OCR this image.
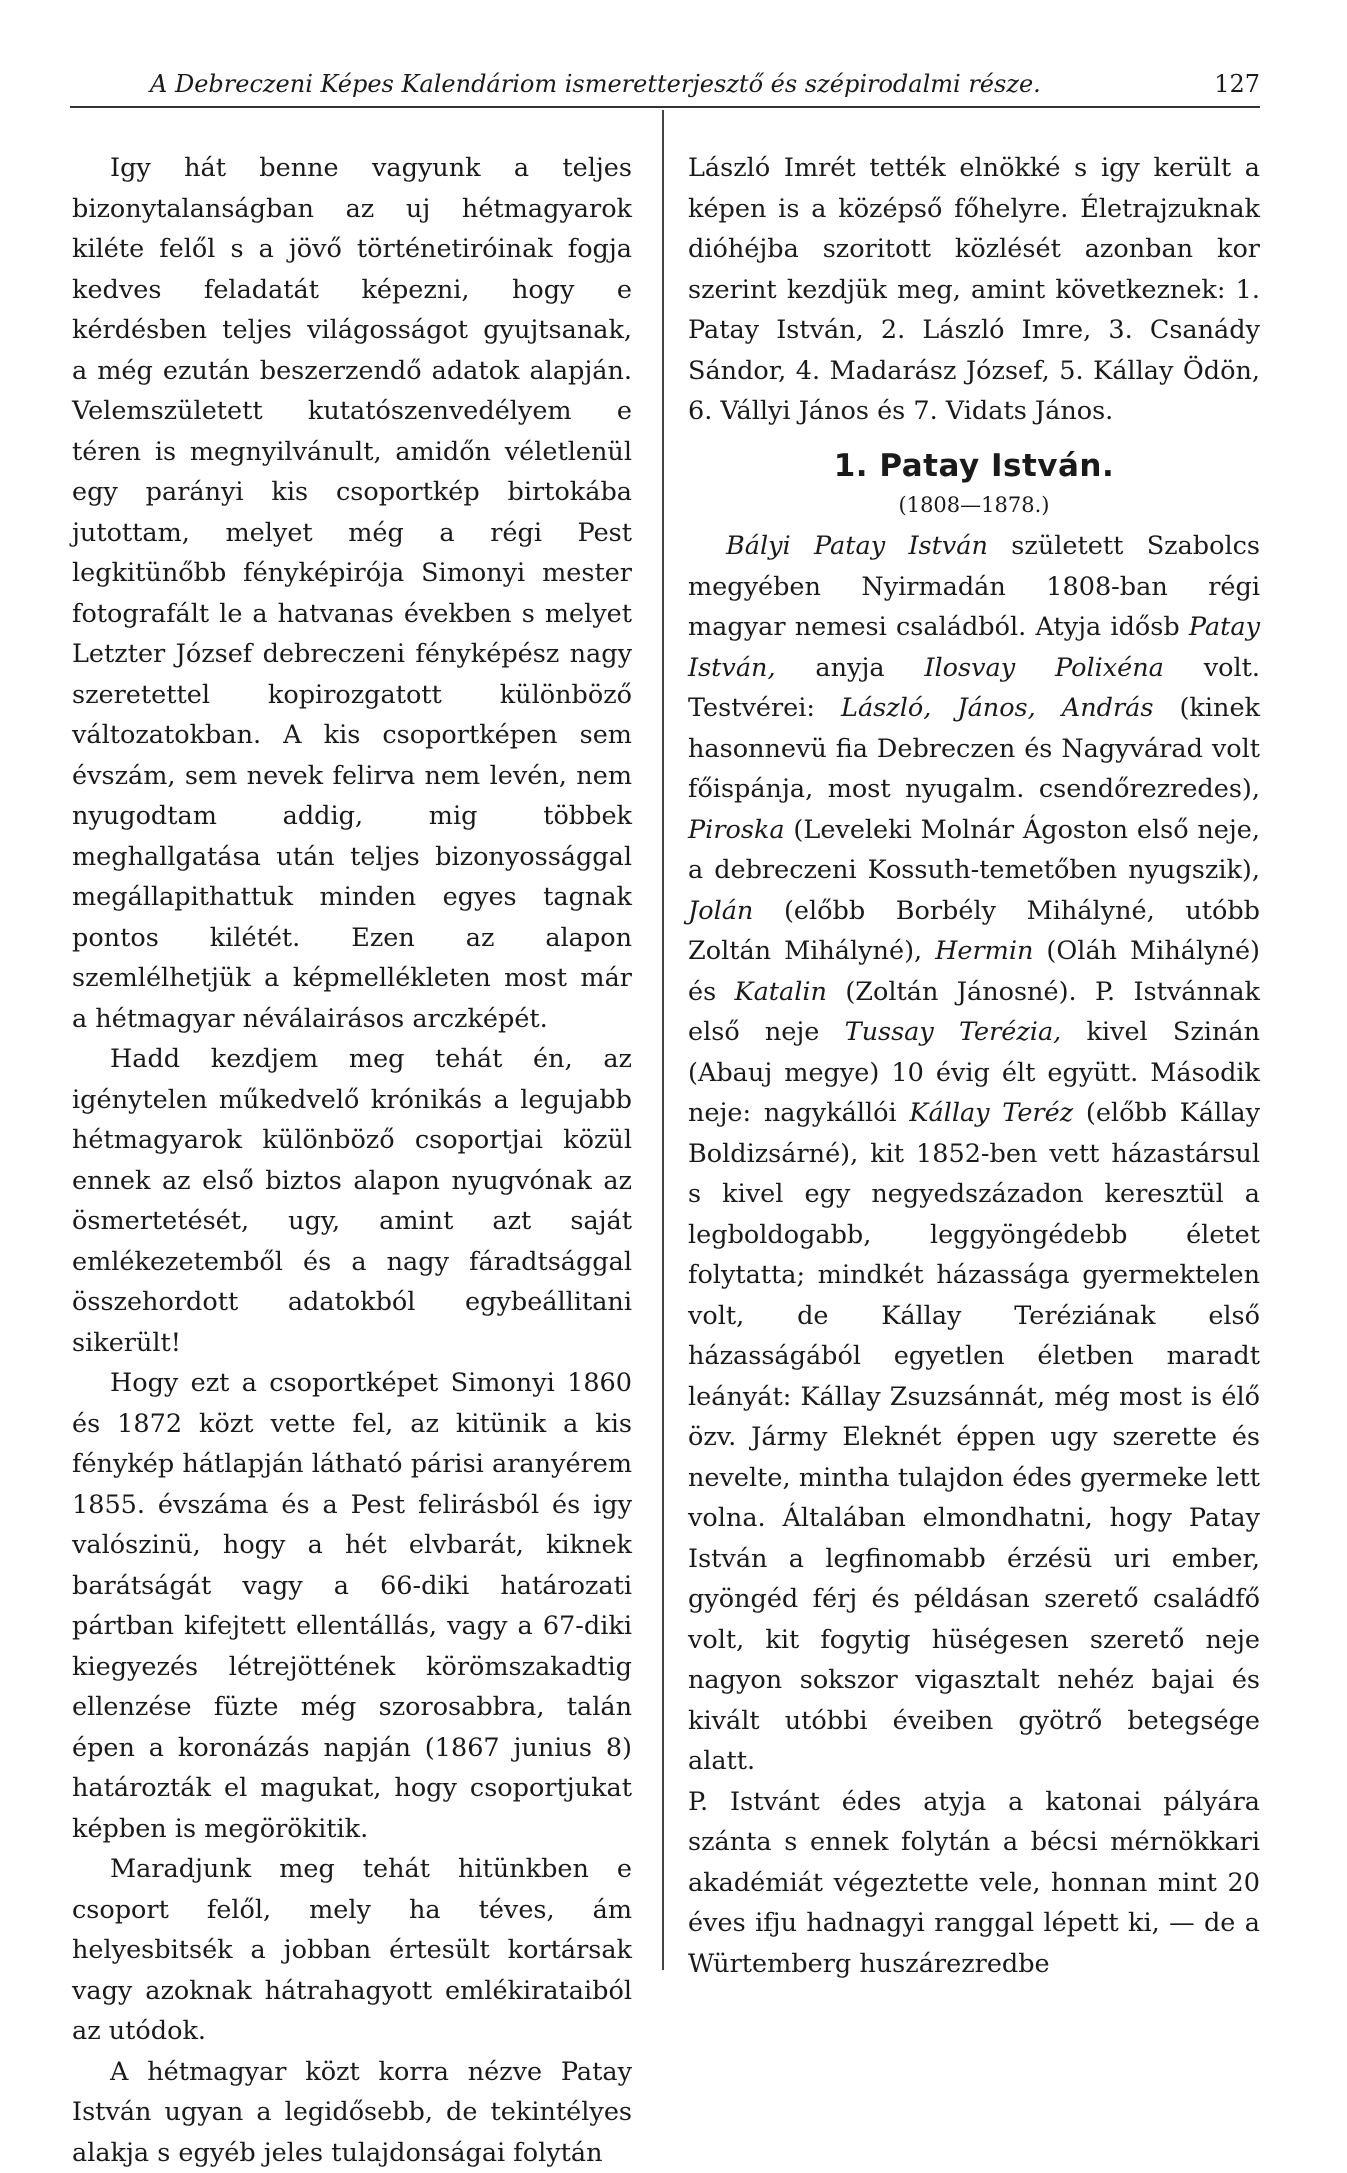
A Debreczeni Képes Kalendáriom ismeretterjesztő és szépirodalmi része.	127

Igy hát benne vagyunk a teljes bizonytalanságban az uj hétmagyarok kiléte felől s a jövő történetiróinak fogja kedves feladatát képezni, hogy e kérdésben teljes világosságot gyujtsanak, a még ezután beszerzendő adatok alapján. Velemszületett kutatószenvedélyem e téren is megnyilvánult, amidőn véletlenül egy parányi kis csoportkép birtokába jutottam, melyet még a régi Pest legkitünőbb fényképirója Simonyi mester fotografált le a hatvanas években s melyet Letzter József debreczeni fényképész nagy szeretettel kopirozgatott különböző változatokban. A kis csoportképen sem évszám, sem nevek felirva nem levén, nem nyugodtam addig, mig többek meghallgatása után teljes bizonyossággal megállapithattuk minden egyes tagnak pontos kilétét. Ezen az alapon szemlélhetjük a képmellékleten most már a hétmagyar néválairásos arczképét.

Hadd kezdjem meg tehát én, az igénytelen műkedvelő krónikás a legujabb hétmagyarok különböző csoportjai közül ennek az első biztos alapon nyugvónak az ösmertetését, ugy, amint azt saját emlékezetemből és a nagy fáradtsággal összehordott adatokból egybeállitani sikerült!

Hogy ezt a csoportképet Simonyi 1860 és 1872 közt vette fel, az kitünik a kis fénykép hátlapján látható párisi aranyérem 1855. évszáma és a Pest felirásból és igy valószinü, hogy a hét elvbarát, kiknek barátságát vagy a 66-diki határozati pártban kifejtett ellentállás, vagy a 67-diki kiegyezés létrejöttének körömszakadtig ellenzése füzte még szorosabbra, talán épen a koronázás napján (1867 junius 8) határozták el magukat, hogy csoportjukat képben is megörökitik.

Maradjunk meg tehát hitünkben e csoport felől, mely ha téves, ám helyesbitsék a jobban értesült kortársak vagy azoknak hátrahagyott emlékirataiból az utódok.

A hétmagyar közt korra nézve Patay István ugyan a legidősebb, de tekintélyes alakja s egyéb jeles tulajdonságai folytán

László Imrét tették elnökké s igy került a képen is a középső főhelyre. Életrajzuknak dióhéjba szoritott közlését azonban kor szerint kezdjük meg, amint következnek: 1. Patay István, 2. László Imre, 3. Csanády Sándor, 4. Madarász József, 5. Kállay Ödön, 6. Vállyi János és 7. Vidats János.

1. Patay István.
(1808—1878.)

Bályi Patay István született Szabolcs megyében Nyirmadán 1808-ban régi magyar nemesi családból. Atyja idősb Patay István, anyja Ilosvay Polixéna volt. Testvérei: László, János, András (kinek hasonnevü fia Debreczen és Nagyvárad volt főispánja, most nyugalm. csendőrezredes), Piroska (Leveleki Molnár Ágoston első neje, a debreczeni Kossuth-temetőben nyugszik), Jolán (előbb Borbély Mihályné, utóbb Zoltán Mihályné), Hermin (Oláh Mihályné) és Katalin (Zoltán Jánosné). P. Istvánnak első neje Tussay Terézia, kivel Szinán (Abauj megye) 10 évig élt együtt. Második neje: nagykállói Kállay Teréz (előbb Kállay Boldizsárné), kit 1852-ben vett házastársul s kivel egy negyedszázadon keresztül a legboldogabb, leggyöngédebb életet folytatta; mindkét házassága gyermektelen volt, de Kállay Teréziának első házasságából egyetlen életben maradt leányát: Kállay Zsuzsánnát, még most is élő özv. Jármy Eleknét éppen ugy szerette és nevelte, mintha tulajdon édes gyermeke lett volna. Általában elmondhatni, hogy Patay István a legfinomabb érzésü uri ember, gyöngéd férj és példásan szerető családfő volt, kit fogytig hüségesen szerető neje nagyon sokszor vigasztalt nehéz bajai és kivált utóbbi éveiben gyötrő betegsége alatt.

P. Istvánt édes atyja a katonai pályára szánta s ennek folytán a bécsi mérnökkari akadémiát végeztette vele, honnan mint 20 éves ifju hadnagyi ranggal lépett ki, — de a Würtemberg huszárezredbe
